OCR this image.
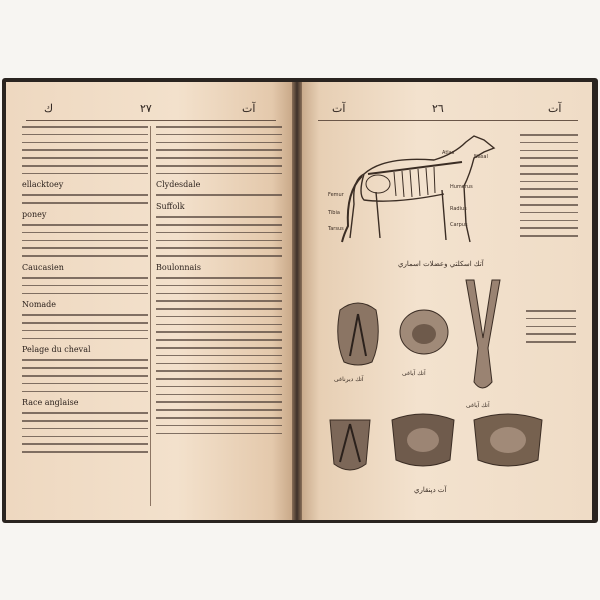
ك	٢٧	آت
ellacktoey
poney
Caucasien
Nomade
Pelage du cheval
Race anglaise
Clydesdale
Suffolk
Boulonnais
آت	٢٦	آت
Nasal
Atlas
Humerus
Radius
Carpus
Femur
Tibia
Tarsus
آتك اسكلتي وعضلات اسماري
آتك دیرناغی
آتك آياغی
آتك آياغی
آت دپنقاري
